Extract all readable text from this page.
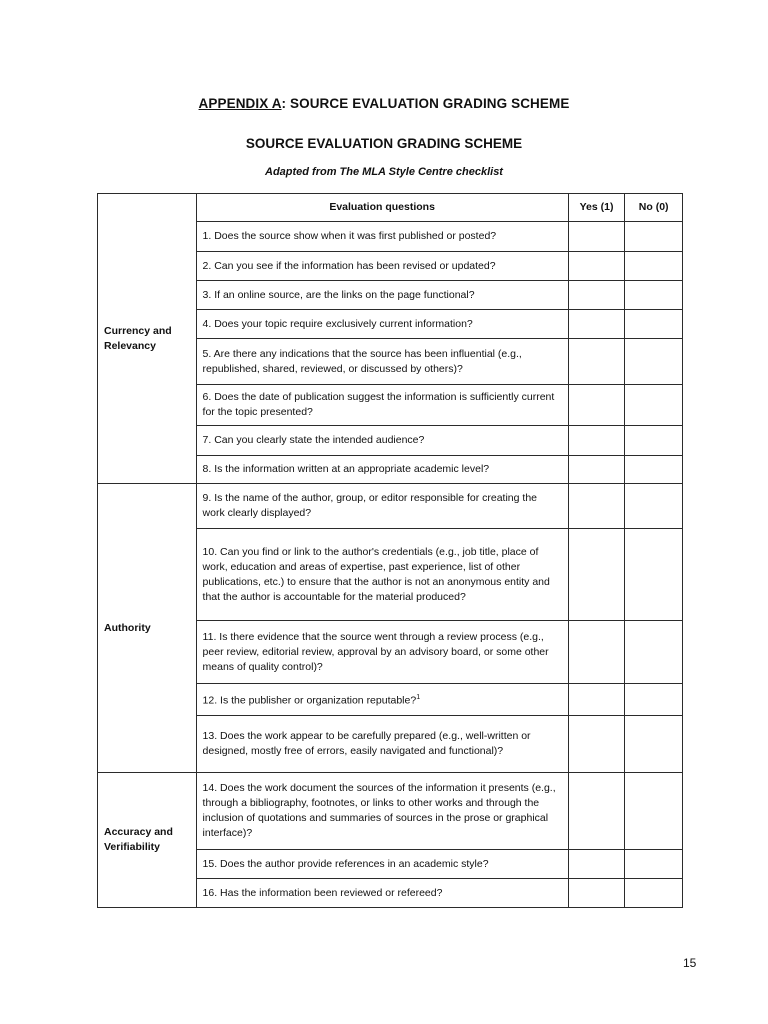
APPENDIX A: SOURCE EVALUATION GRADING SCHEME
SOURCE EVALUATION GRADING SCHEME
Adapted from The MLA Style Centre checklist
Currency and Relevancy	Evaluation questions	Yes (1)	No (0)
	1. Does the source show when it was first published or posted?		
	2. Can you see if the information has been revised or updated?		
	3. If an online source, are the links on the page functional?		
	4. Does your topic require exclusively current information?		
	5. Are there any indications that the source has been influential (e.g., republished, shared, reviewed, or discussed by others)?		
	6. Does the date of publication suggest the information is sufficiently current for the topic presented?		
	7. Can you clearly state the intended audience?		
	8. Is the information written at an appropriate academic level?		
Authority	9. Is the name of the author, group, or editor responsible for creating the work clearly displayed?		
	10. Can you find or link to the author's credentials (e.g., job title, place of work, education and areas of expertise, past experience, list of other publications, etc.) to ensure that the author is not an anonymous entity and that the author is accountable for the material produced?		
	11. Is there evidence that the source went through a review process (e.g., peer review, editorial review, approval by an advisory board, or some other means of quality control)?		
	12. Is the publisher or organization reputable?$^1$		
	13. Does the work appear to be carefully prepared (e.g., well-written or designed, mostly free of errors, easily navigated and functional)?		
Accuracy and Verifiability	14. Does the work document the sources of the information it presents (e.g., through a bibliography, footnotes, or links to other works and through the inclusion of quotations and summaries of sources in the prose or graphical interface)?		
	15. Does the author provide references in an academic style?		
	16. Has the information been reviewed or refereed?		
15
